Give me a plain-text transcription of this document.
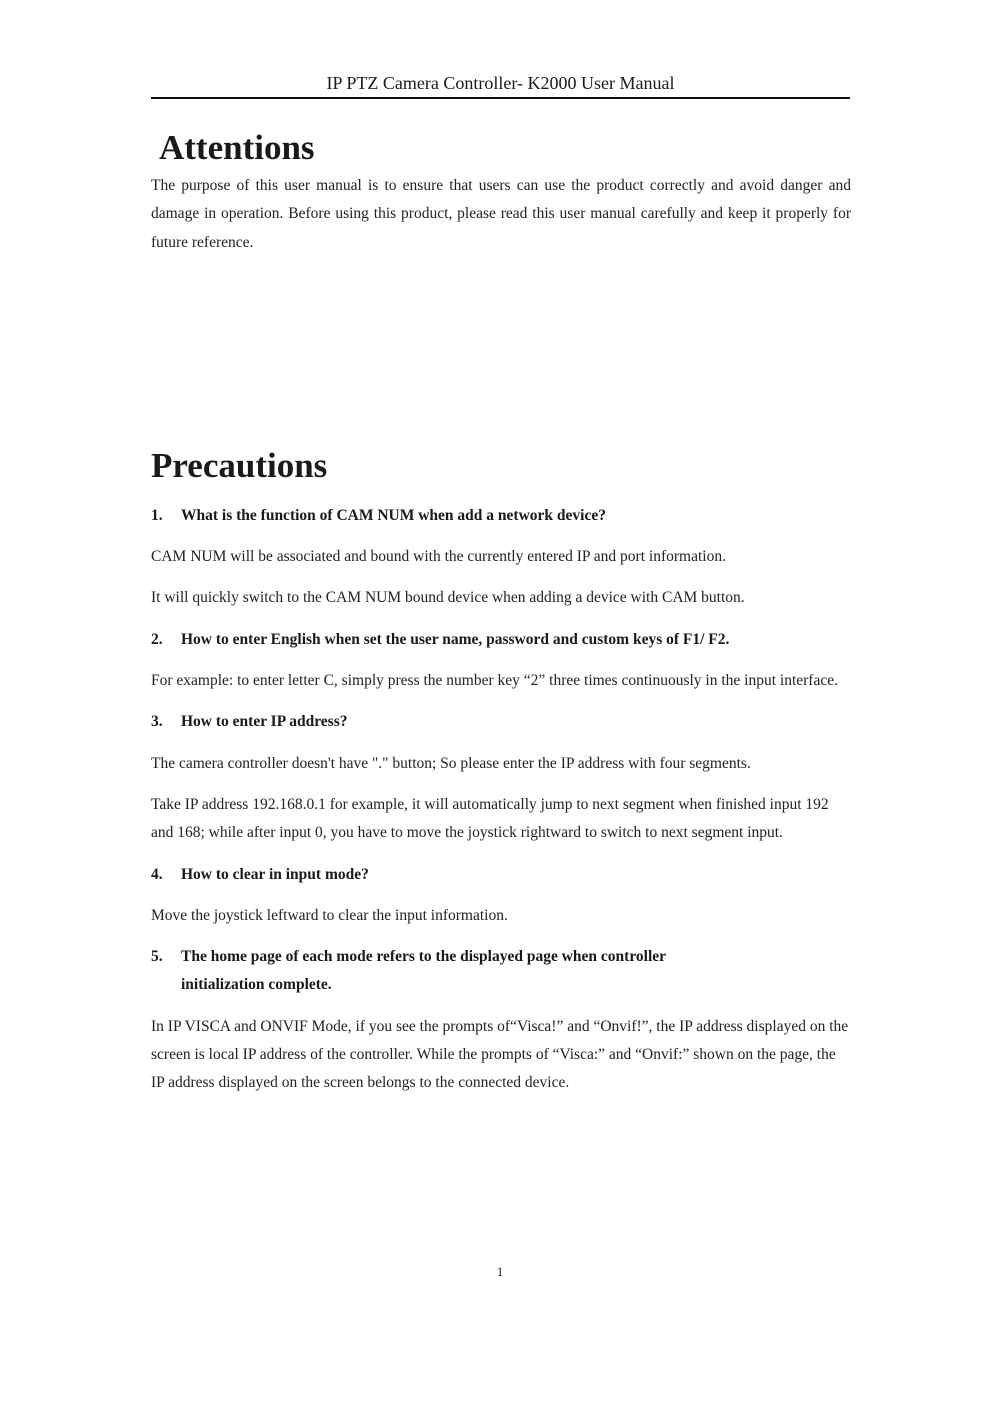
IP PTZ Camera Controller- K2000 User Manual
Attentions

The purpose of this user manual is to ensure that users can use the product correctly and avoid danger and damage in operation. Before using this product, please read this user manual carefully and keep it properly for future reference.

Precautions
1.	What is the function of CAM NUM when add a network device?

CAM NUM will be associated and bound with the currently entered IP and port information.

It will quickly switch to the CAM NUM bound device when adding a device with CAM button.

2.	How to enter English when set the user name, password and custom keys of F1/ F2.

For example: to enter letter C, simply press the number key “2” three times continuously in the input interface.

3.	How to enter IP address?

The camera controller doesn't have "." button; So please enter the IP address with four segments.

Take IP address 192.168.0.1 for example, it will automatically jump to next segment when finished input 192 and 168; while after input 0, you have to move the joystick rightward to switch to next segment input.

4.	How to clear in input mode?

Move the joystick leftward to clear the input information.

5.	The home page of each mode refers to the displayed page when controller initialization complete.

In IP VISCA and ONVIF Mode, if you see the prompts of“Visca!” and “Onvif!”, the IP address displayed on the screen is local IP address of the controller. While the prompts of “Visca:” and “Onvif:” shown on the page, the IP address displayed on the screen belongs to the connected device.

1
